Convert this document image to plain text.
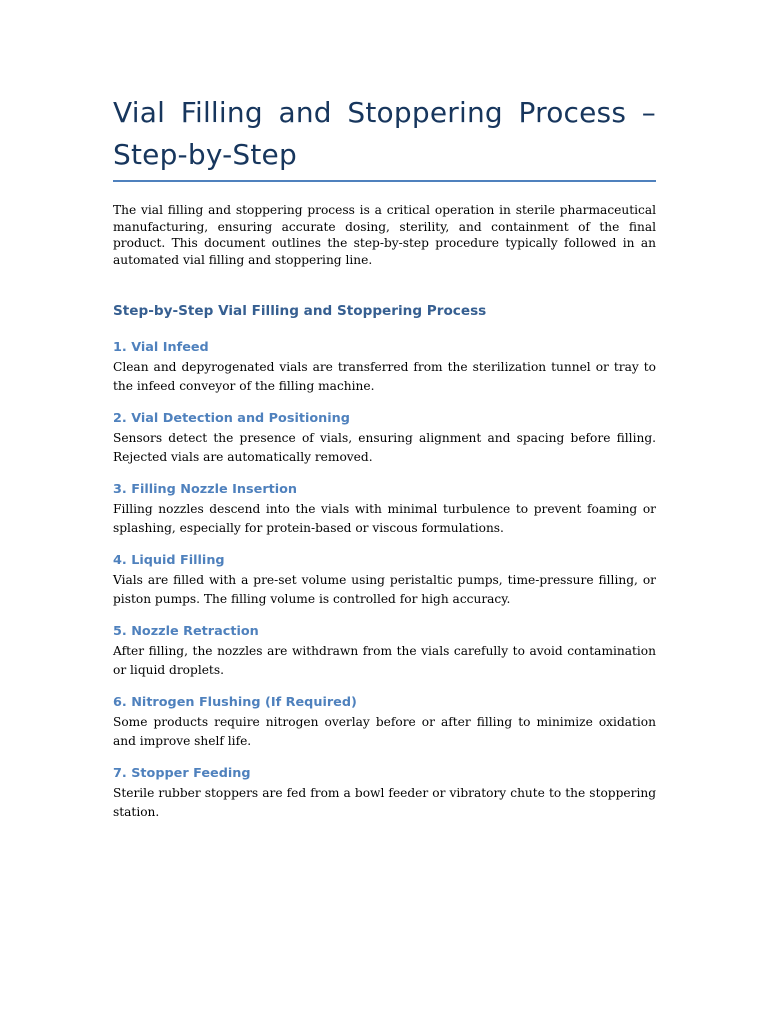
Vial Filling and Stoppering Process – Step-by-Step

The vial filling and stoppering process is a critical operation in sterile pharmaceutical manufacturing, ensuring accurate dosing, sterility, and containment of the final product. This document outlines the step-by-step procedure typically followed in an automated vial filling and stoppering line.

Step-by-Step Vial Filling and Stoppering Process
1. Vial Infeed

Clean and depyrogenated vials are transferred from the sterilization tunnel or tray to the infeed conveyor of the filling machine.

2. Vial Detection and Positioning

Sensors detect the presence of vials, ensuring alignment and spacing before filling. Rejected vials are automatically removed.

3. Filling Nozzle Insertion

Filling nozzles descend into the vials with minimal turbulence to prevent foaming or splashing, especially for protein-based or viscous formulations.

4. Liquid Filling

Vials are filled with a pre-set volume using peristaltic pumps, time-pressure filling, or piston pumps. The filling volume is controlled for high accuracy.

5. Nozzle Retraction

After filling, the nozzles are withdrawn from the vials carefully to avoid contamination or liquid droplets.

6. Nitrogen Flushing (If Required)

Some products require nitrogen overlay before or after filling to minimize oxidation and improve shelf life.

7. Stopper Feeding

Sterile rubber stoppers are fed from a bowl feeder or vibratory chute to the stoppering station.
